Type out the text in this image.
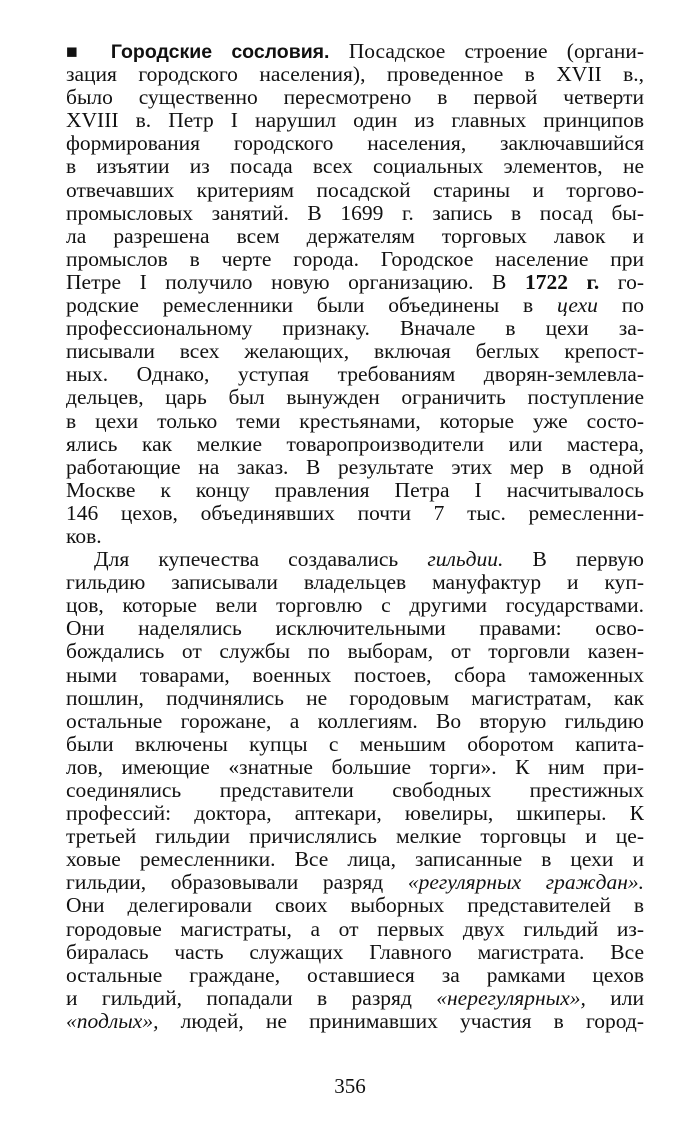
■ Городские сословия. Посадское строение (органи-
зация городского населения), проведенное в XVII в.,
было существенно пересмотрено в первой четверти
XVIII в. Петр I нарушил один из главных принципов
формирования городского населения, заключавшийся
в изъятии из посада всех социальных элементов, не
отвечавших критериям посадской старины и торгово-
промысловых занятий. В 1699 г. запись в посад бы-
ла разрешена всем держателям торговых лавок и
промыслов в черте города. Городское население при
Петре I получило новую организацию. В 1722 г. го-
родские ремесленники были объединены в цехи по
профессиональному признаку. Вначале в цехи за-
писывали всех желающих, включая беглых крепост-
ных. Однако, уступая требованиям дворян-землевла-
дельцев, царь был вынужден ограничить поступление
в цехи только теми крестьянами, которые уже состо-
ялись как мелкие товаропроизводители или мастера,
работающие на заказ. В результате этих мер в одной
Москве к концу правления Петра I насчитывалось
146 цехов, объединявших почти 7 тыс. ремесленни-
ков.
Для купечества создавались гильдии. В первую
гильдию записывали владельцев мануфактур и куп-
цов, которые вели торговлю с другими государствами.
Они наделялись исключительными правами: осво-
бождались от службы по выборам, от торговли казен-
ными товарами, военных постоев, сбора таможенных
пошлин, подчинялись не городовым магистратам, как
остальные горожане, а коллегиям. Во вторую гильдию
были включены купцы с меньшим оборотом капита-
лов, имеющие «знатные большие торги». К ним при-
соединялись представители свободных престижных
профессий: доктора, аптекари, ювелиры, шкиперы. К
третьей гильдии причислялись мелкие торговцы и це-
ховые ремесленники. Все лица, записанные в цехи и
гильдии, образовывали разряд «регулярных граждан».
Они делегировали своих выборных представителей в
городовые магистраты, а от первых двух гильдий из-
биралась часть служащих Главного магистрата. Все
остальные граждане, оставшиеся за рамками цехов
и гильдий, попадали в разряд «нерегулярных», или
«подлых», людей, не принимавших участия в город-
356
